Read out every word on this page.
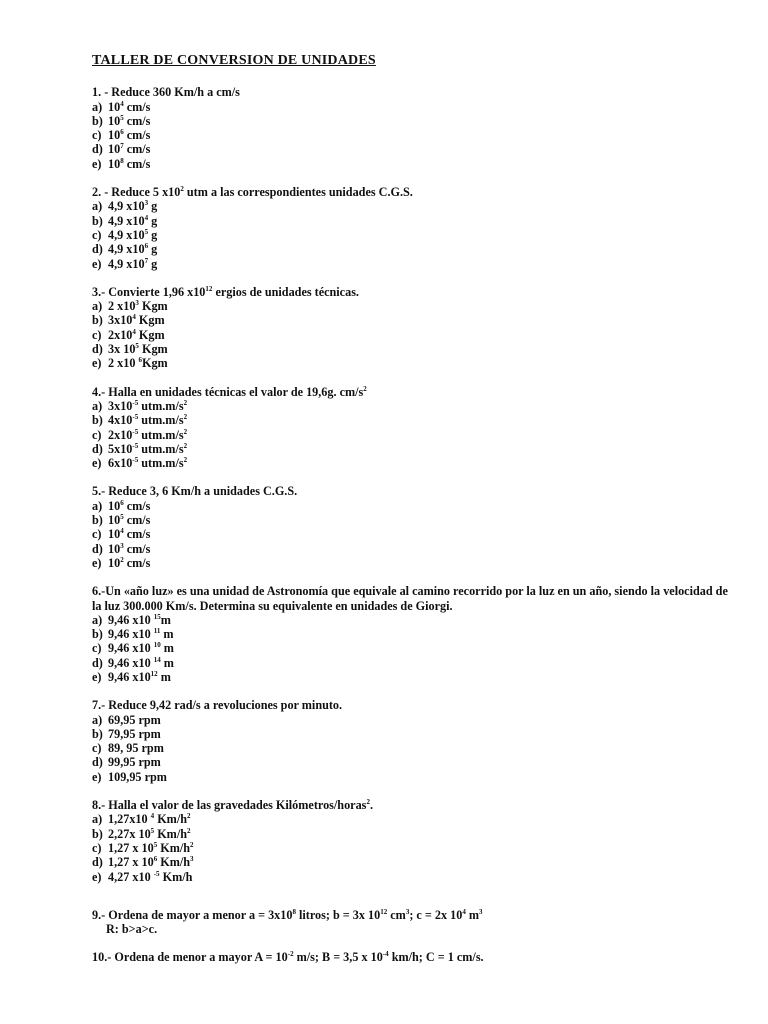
TALLER DE CONVERSION DE UNIDADES
1. - Reduce 360 Km/h a cm/s
a) $10^4$ cm/s
b) $10^5$ cm/s
c) $10^6$ cm/s
d) $10^7$ cm/s
e) $10^8$ cm/s
2. - Reduce 5 $x10^2$ utm a las correspondientes unidades C.G.S.
a) 4,9 $x10^3$ g
b) 4,9 $x10^4$ g
c) 4,9 $x10^5$ g
d) 4,9 $x10^6$ g
e) 4,9 $x10^7$ g
3.- Convierte 1,96 $x10^{12}$ ergios de unidades técnicas.
a) 2 $x10^3$ Kgm
b) $3x10^4$ Kgm
c) $2x10^4$ Kgm
d) 3x $10^5$ Kgm
e) 2 x10 $^6$Kgm
4.- Halla en unidades técnicas el valor de 19,6g. $cm/s^2$
a) $3x10^{-5}$ $utm.m/s^2$
b) $4x10^{-5}$ $utm.m/s^2$
c) $2x10^{-5}$ $utm.m/s^2$
d) $5x10^{-5}$ $utm.m/s^2$
e) $6x10^{-5}$ $utm.m/s^2$
5.- Reduce 3, 6 Km/h a unidades C.G.S.
a) $10^6$ cm/s
b) $10^5$ cm/s
c) $10^4$ cm/s
d) $10^3$ cm/s
e) $10^2$ cm/s
6.-Un «año luz» es una unidad de Astronomía que equivale al camino recorrido por la luz en un año, siendo la velocidad de la luz 300.000 Km/s. Determina su equivalente en unidades de Giorgi.
a) 9,46 x10 $^{15}$m
b) 9,46 x10 $^{11}$ m
c) 9,46 x10 $^{10}$ m
d) 9,46 x10 $^{14}$ m
e) 9,46 $x10^{12}$ m
7.- Reduce 9,42 rad/s a revoluciones por minuto.
a) 69,95 rpm
b) 79,95 rpm
c) 89, 95 rpm
d) 99,95 rpm
e) 109,95 rpm
8.- Halla el valor de las gravedades Kilómetros/horas$^2$.
a) 1,27x10 $^4$ $Km/h^2$
b) 2,27x $10^5$ $Km/h^2$
c) 1,27 x $10^5$ $Km/h^2$
d) 1,27 x $10^6$ $Km/h^3$
e) 4,27 x10 $^{-5}$ Km/h
9.- Ordena de mayor a menor $a = 3x10^8$ litros; b = 3x $10^{12}$ $cm^3$; c = 2x $10^4$ $m^3$
R: b>a>c.
10.- Ordena de menor a mayor $A = 10^{-2}$ m/s; B = 3,5 x $10^{-4}$ km/h; C = 1 cm/s.
